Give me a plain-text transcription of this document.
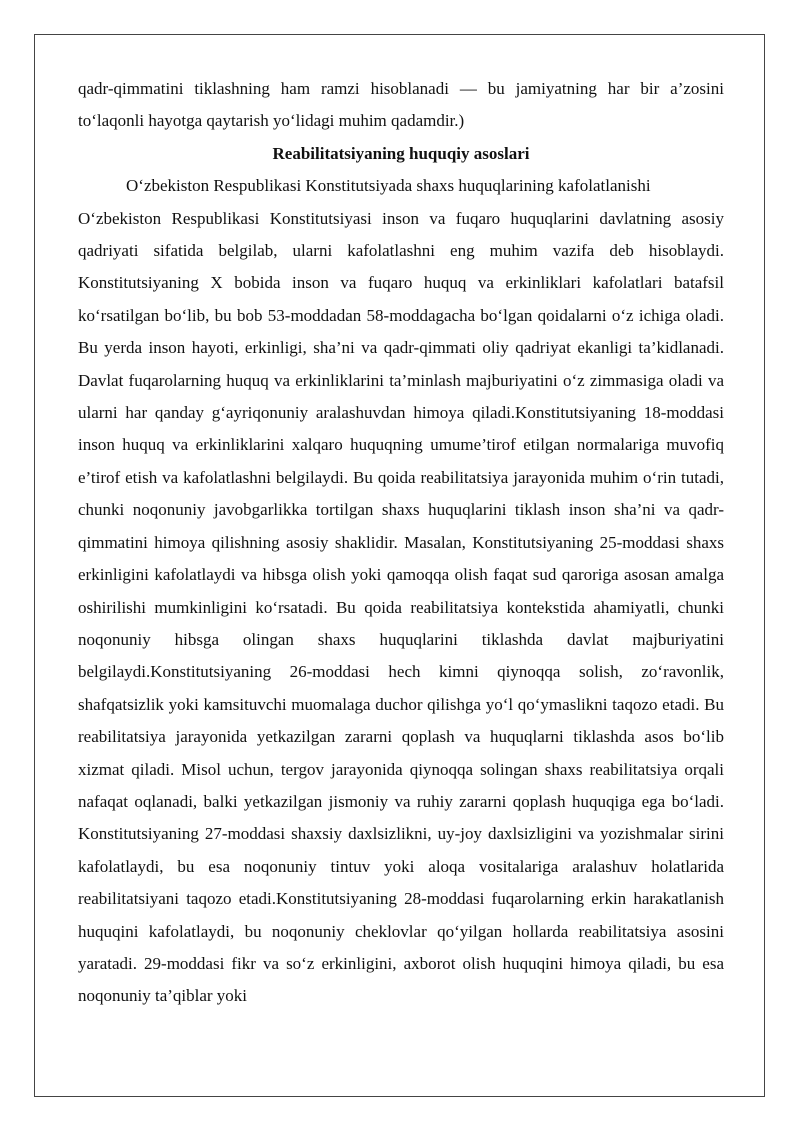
qadr-qimmatini tiklashning ham ramzi hisoblanadi — bu jamiyatning har bir a’zosini to‘laqonli hayotga qaytarish yo‘lidagi muhim qadamdir.)

Reabilitatsiyaning huquqiy asoslari

O‘zbekiston Respublikasi Konstitutsiyada shaxs huquqlarining kafolatlanishi

O‘zbekiston Respublikasi Konstitutsiyasi inson va fuqaro huquqlarini davlatning asosiy qadriyati sifatida belgilab, ularni kafolatlashni eng muhim vazifa deb hisoblaydi. Konstitutsiyaning X bobida inson va fuqaro huquq va erkinliklari kafolatlari batafsil ko‘rsatilgan bo‘lib, bu bob 53-moddadan 58-moddagacha bo‘lgan qoidalarni o‘z ichiga oladi. Bu yerda inson hayoti, erkinligi, sha’ni va qadr-qimmati oliy qadriyat ekanligi ta’kidlanadi. Davlat fuqarolarning huquq va erkinliklarini ta’minlash majburiyatini o‘z zimmasiga oladi va ularni har qanday g‘ayriqonuniy aralashuvdan himoya qiladi.Konstitutsiyaning 18-moddasi inson huquq va erkinliklarini xalqaro huquqning umume’tirof etilgan normalariga muvofiq e’tirof etish va kafolatlashni belgilaydi. Bu qoida reabilitatsiya jarayonida muhim o‘rin tutadi, chunki noqonuniy javobgarlikka tortilgan shaxs huquqlarini tiklash inson sha’ni va qadr-qimmatini himoya qilishning asosiy shaklidir. Masalan, Konstitutsiyaning 25-moddasi shaxs erkinligini kafolatlaydi va hibsga olish yoki qamoqqa olish faqat sud qaroriga asosan amalga oshirilishi mumkinligini ko‘rsatadi. Bu qoida reabilitatsiya kontekstida ahamiyatli, chunki noqonuniy hibsga olingan shaxs huquqlarini tiklashda davlat majburiyatini belgilaydi.Konstitutsiyaning 26-moddasi hech kimni qiynoqqa solish, zo‘ravonlik, shafqatsizlik yoki kamsituvchi muomalaga duchor qilishga yo‘l qo‘ymaslikni taqozo etadi. Bu reabilitatsiya jarayonida yetkazilgan zararni qoplash va huquqlarni tiklashda asos bo‘lib xizmat qiladi. Misol uchun, tergov jarayonida qiynoqqa solingan shaxs reabilitatsiya orqali nafaqat oqlanadi, balki yetkazilgan jismoniy va ruhiy zararni qoplash huquqiga ega bo‘ladi. Konstitutsiyaning 27-moddasi shaxsiy daxlsizlikni, uy-joy daxlsizligini va yozishmalar sirini kafolatlaydi, bu esa noqonuniy tintuv yoki aloqa vositalariga aralashuv holatlarida reabilitatsiyani taqozo etadi.Konstitutsiyaning 28-moddasi fuqarolarning erkin harakatlanish huquqini kafolatlaydi, bu noqonuniy cheklovlar qo‘yilgan hollarda reabilitatsiya asosini yaratadi. 29-moddasi fikr va so‘z erkinligini, axborot olish huquqini himoya qiladi, bu esa noqonuniy ta’qiblar yoki
